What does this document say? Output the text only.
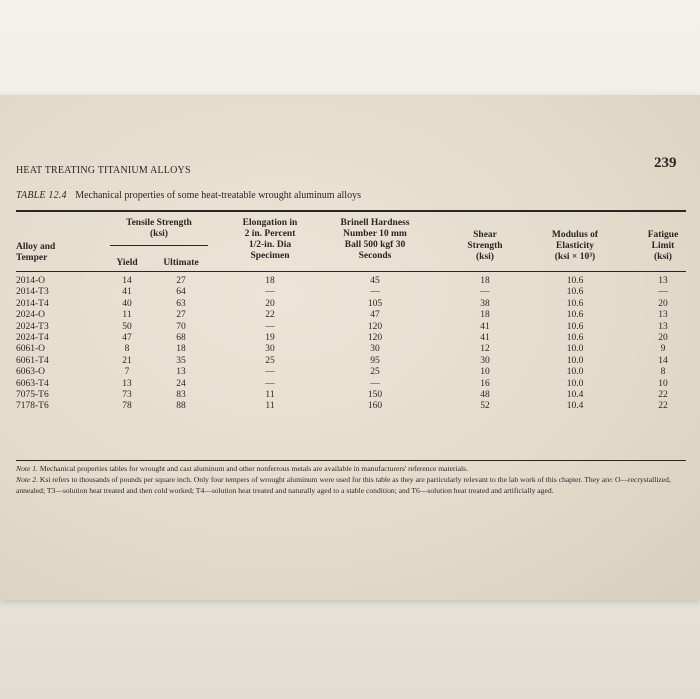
HEAT TREATING TITANIUM ALLOYS	239
TABLE 12.4 Mechanical properties of some heat-treatable wrought aluminum alloys
Alloy and
Temper
Tensile Strength
(ksi)
Yield	Ultimate
Elongation in
2 in. Percent
1/2-in. Dia
Specimen
Brinell Hardness
Number 10 mm
Ball 500 kgf 30
Seconds
Shear
Strength
(ksi)
Modulus of
Elasticity
(ksi × 10³)
Fatigue
Limit
(ksi)
2014-O
2014-T3
2014-T4
2024-O
2024-T3
2024-T4
6061-O
6061-T4
6063-O
6063-T4
7075-T6
7178-T6
14
41
40
11
50
47
8
21
7
13
73
78
27
64
63
27
70
68
18
35
13
24
83
88
18
—
20
22
—
19
30
25
—
—
11
11
45
—
105
47
120
120
30
95
25
—
150
160
18
—
38
18
41
41
12
30
10
16
48
52
10.6
10.6
10.6
10.6
10.6
10.6
10.0
10.0
10.0
10.0
10.4
10.4
13
—
20
13
13
20
9
14
8
10
22
22

Note 1. Mechanical properties tables for wrought and cast aluminum and other nonferrous metals are available in manufacturers' reference materials.

Note 2. Ksi refers to thousands of pounds per square inch. Only four tempers of wrought aluminum were used for this table as they are particularly relevant to the lab work of this chapter. They are: O—recrystallized, annealed; T3—solution heat treated and then cold worked; T4—solution heat treated and naturally aged to a stable condition; and T6—solution heat treated and artificially aged.
